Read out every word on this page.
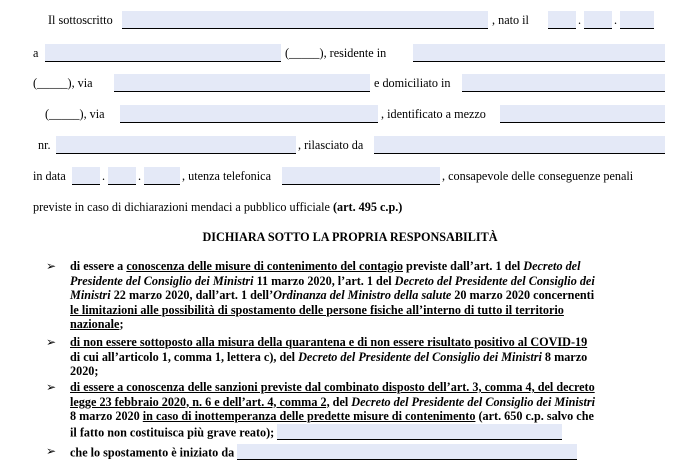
Il sottoscritto	, nato il	.	.
a	(_____), residente in
(_____), via	e domiciliato in
(_____), via	, identificato a mezzo
nr.	, rilasciato da
in data	.	.	, utenza telefonica	, consapevole delle conseguenze penali
previste in caso di dichiarazioni mendaci a pubblico ufficiale (art. 495 c.p.)
DICHIARA SOTTO LA PROPRIA RESPONSABILITÀ
➢ di essere a conoscenza delle misure di contenimento del contagio previste dall’art. 1 del Decreto del
Presidente del Consiglio dei Ministri 11 marzo 2020, l’art. 1 del Decreto del Presidente del Consiglio dei
Ministri 22 marzo 2020, dall’art. 1 dell’Ordinanza del Ministro della salute 20 marzo 2020 concernenti
le limitazioni alle possibilità di spostamento delle persone fisiche all’interno di tutto il territorio
nazionale;
➢ di non essere sottoposto alla misura della quarantena e di non essere risultato positivo al COVID-19
di cui all’articolo 1, comma 1, lettera c), del Decreto del Presidente del Consiglio dei Ministri 8 marzo
2020;
➢ di essere a conoscenza delle sanzioni previste dal combinato disposto dell’art. 3, comma 4, del decreto
legge 23 febbraio 2020, n. 6 e dell’art. 4, comma 2, del Decreto del Presidente del Consiglio dei Ministri
8 marzo 2020 in caso di inottemperanza delle predette misure di contenimento (art. 650 c.p. salvo che
il fatto non costituisca più grave reato);
➢ che lo spostamento è iniziato da
